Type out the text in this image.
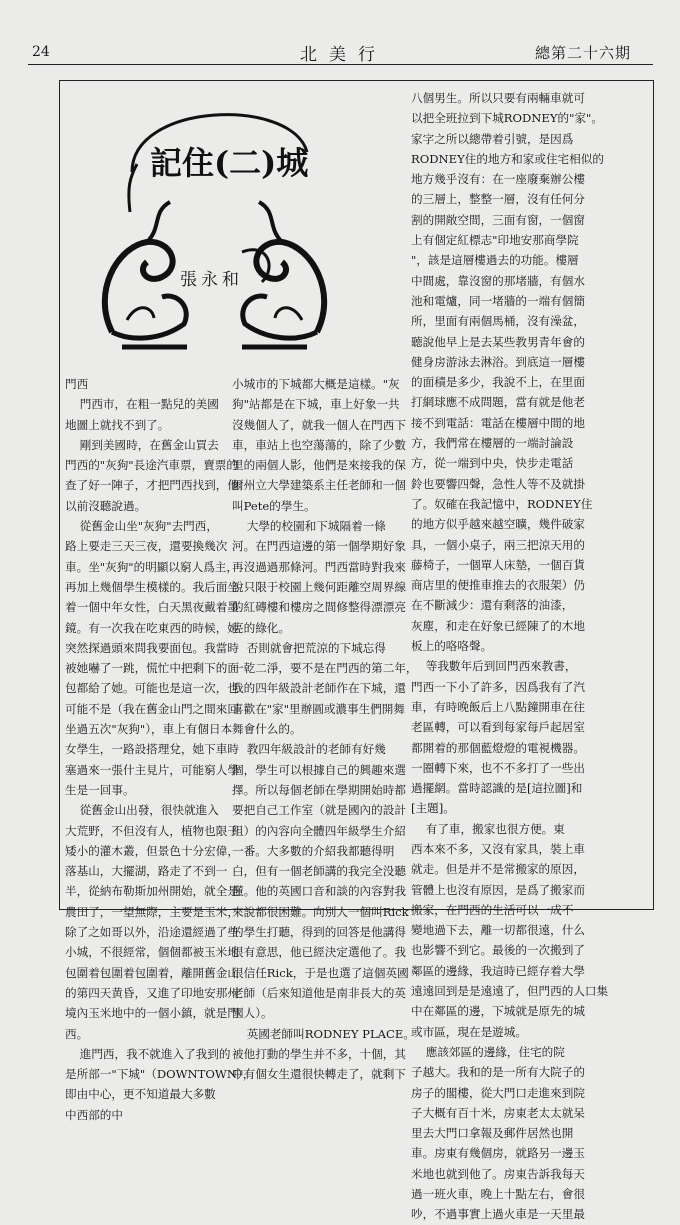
24	北美行	總第二十六期
記住(二)城
張永和
門西
門西市，在粗一點兒的美國
地圖上就找不到了。
剛到美國時，在舊金山買去
門西的"灰狗"長途汽車票，賣票的
查了好一陣子，才把門西找到，他
以前沒聽說過。
從舊金山坐"灰狗"去門西，
路上要走三天三夜，還要換幾次
車。坐"灰狗"的明顯以窮人爲主，
再加上幾個學生模樣的。我后面坐
着一個中年女性，白天黑夜戴着墨
鏡。有一次我在吃東西的時候，她
突然探過頭來問我要面包。我當時
被她嚇了一跳，慌忙中把剩下的面
包都給了她。可能也是這一次，也
可能不是（我在舊金山門之間來回
坐過五次"灰狗"），車上有個日本
女學生，一路設搭理兌，她下車時
塞過來一張什主見片，可能窮人學
生是一回事。
從舊金山出發，很快就進入
大荒野，不但沒有人，植物也限于
矮小的灌木叢，但景色十分宏偉，
落基山，大擺湖，路走了不到一
半，從納布勒斯加州開始，就全是
農田了，一望無際，主要是玉米，
除了之如哥以外，沿途還經過了些
小城，不很經常，個個都被玉米地
包圍着包圍着包圍着，離開舊金山
的第四天黄昏，又進了印地安那州
境內玉米地中的一個小鎮，就是門
西。
進門西，我不就進入了我到的
是所部一"下城"（DOWNTOWN），
即由中心，更不知道最大多數
中西部的中
小城市的下城都大概是這樣。"灰
狗"站都是在下城，車上好象一共
沒幾個人了，就我一個人在門西下
車，車站上也空蕩蕩的，除了少數
里的兩個人影，他們是來接我的保
爾州立大學建築系主任老師和一個
叫Pete的學生。
大學的校園和下城隔着一條
河。在門西這邊的第一個學期好象
再沒過過那條河。門西當時對我來
說只限于校園上幾何距離空周界線
的紅磚樓和樓房之間修整得漂漂亮
亮的綠化。
否則就會把荒涼的下城忘得
一乾二淨，要不是在門西的第二年，
我的四年級設計老師作在下城，還
喜歡在"家"里辦圓或濃事生們開舞
舞會什么的。
教四年級設計的老師有好幾
個，學生可以根據自己的興趣來選
擇。所以每個老師在學期開始時都
要把自己工作室（就是國內的設計
組）的內容向全體四年級學生介紹
一番。大多數的介紹我都聽得明
白，但有一個老師講的我完全没聽
懂。他的英國口音和談的內容對我
來說都很困難。向別人一個叫Rick
的學生打聽，得到的回答是他講得
很有意思，他已經決定選他了。我
很信任Rick，于是也選了這個英國
老師（后來知道他是南非長大的英
國人）。
英國老師叫RODNEY PLACE。
被他打動的學生并不多，十個，其
中有個女生還很快轉走了，就剩下
八個男生。所以只要有兩輛車就可
以把全班拉到下城RODNEY的"家"。
家字之所以總帶着引號，是因爲
RODNEY住的地方和家或住宅相似的
地方幾乎沒有：在一座廢棄辦公樓
的三層上，整整一層，沒有任何分
割的開敞空間，三面有窗，一個窗
上有個定紅標志"印地安那商學院
"，該是這層樓過去的功能。樓層
中間處，靠沒窗的那堵牆，有個水
池和電爐，同一堵牆的一端有個簡
所，里面有兩個馬桶，沒有澡盆，
聽說他早上是去某些教男青年會的
健身房游泳去淋浴。到底這一層樓
的面積是多少，我說不上，在里面
打網球應不成問題，當有就是他老
接不到電話：電話在樓層中間的地
方，我們常在樓層的一端討論設
方，從一端到中央，快步走電話
鈴也要響四聲，急性人等不及就掛
了。奴確在我記憶中，RODNEY住
的地方似乎越來越空曠，幾件破家
具，一個小桌子，兩三把涼天用的
藤椅子，一個單人床墊，一個百貨
商店里的便推車推去的衣服架）仍
在不斷減少：還有剩落的油漆，
灰塵，和走在好象已經陳了的木地
板上的咯咯聲。
等我數年后到回門西來教書，
門西一下小了許多，因爲我有了汽
車，有時晚飯后上八點鐘開車在往
老區轉，可以看到每家每戶起居室
都開着的那個藍燈燈的電視機器。
一圈轉下來，也不不多打了一些出
過擺網。當時認識的是[這拉圖]和
[主題]。
有了車，搬家也很方便。東
西本來不多，又沒有家具，裝上車
就走。但是并不是常搬家的原因，
管體上也沒有原因，是爲了搬家而
搬家，在門西的生活可以一成不
變地過下去，離一切都很遠，什么
也影響不到它。最後的一次搬到了
鄰區的邊緣，我這時已經存着大學
遠遠回到是是遠遠了，但門西的人口集
中在鄰區的邊，下城就是原先的城
或市區，現在是遊城。
應該郊區的邊緣，住宅的院
子越大。我和的是一所有大院子的
房子的閣樓，從大門口走進來到院
子大概有百十米，房東老太太就呆
里去大門口拿報及郵件居然也開
車。房東有幾個房，就路另一邊玉
米地也就到他了。房東告訴我每天
過一班火車，晚上十點左右，會很
吵，不過事實上過火車是一天里最
